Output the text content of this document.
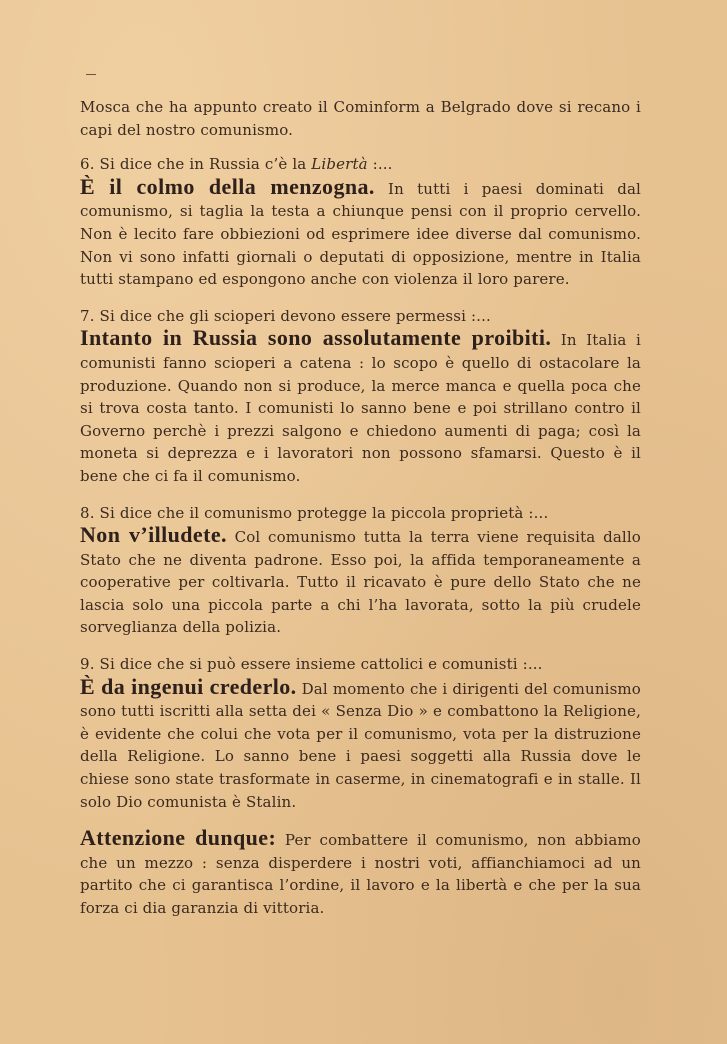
Mosca che ha appunto creato il Cominform a Belgrado dove si recano i capi del nostro comunismo.

6. Si dice che in Russia c’è la Libertà :...

È il colmo della menzogna. In tutti i paesi dominati dal comunismo, si taglia la testa a chiunque pensi con il proprio cervello. Non è lecito fare obbiezioni od esprimere idee diverse dal comunismo. Non vi sono infatti giornali o deputati di opposizione, mentre in Italia tutti stampano ed espongono anche con violenza il loro parere.

7. Si dice che gli scioperi devono essere permessi :...

Intanto in Russia sono assolutamente proibiti. In Italia i comunisti fanno scioperi a catena : lo scopo è quello di ostacolare la produzione. Quando non si produce, la merce manca e quella poca che si trova costa tanto. I comunisti lo sanno bene e poi strillano contro il Governo perchè i prezzi salgono e chiedono aumenti di paga; così la moneta si deprezza e i lavoratori non possono sfamarsi. Questo è il bene che ci fa il comunismo.

8. Si dice che il comunismo protegge la piccola proprietà :...

Non v’illudete. Col comunismo tutta la terra viene requisita dallo Stato che ne diventa padrone. Esso poi, la affida temporaneamente a cooperative per coltivarla. Tutto il ricavato è pure dello Stato che ne lascia solo una piccola parte a chi l’ha lavorata, sotto la più crudele sorveglianza della polizia.

9. Si dice che si può essere insieme cattolici e comunisti :...

È da ingenui crederlo. Dal momento che i dirigenti del comunismo sono tutti iscritti alla setta dei « Senza Dio » e combattono la Religione, è evidente che colui che vota per il comunismo, vota per la distruzione della Religione. Lo sanno bene i paesi soggetti alla Russia dove le chiese sono state trasformate in caserme, in cinematografi e in stalle. Il solo Dio comunista è Stalin.

Attenzione dunque: Per combattere il comunismo, non abbiamo che un mezzo : senza disperdere i nostri voti, affianchiamoci ad un partito che ci garantisca l’ordine, il lavoro e la libertà e che per la sua forza ci dia garanzia di vittoria.
